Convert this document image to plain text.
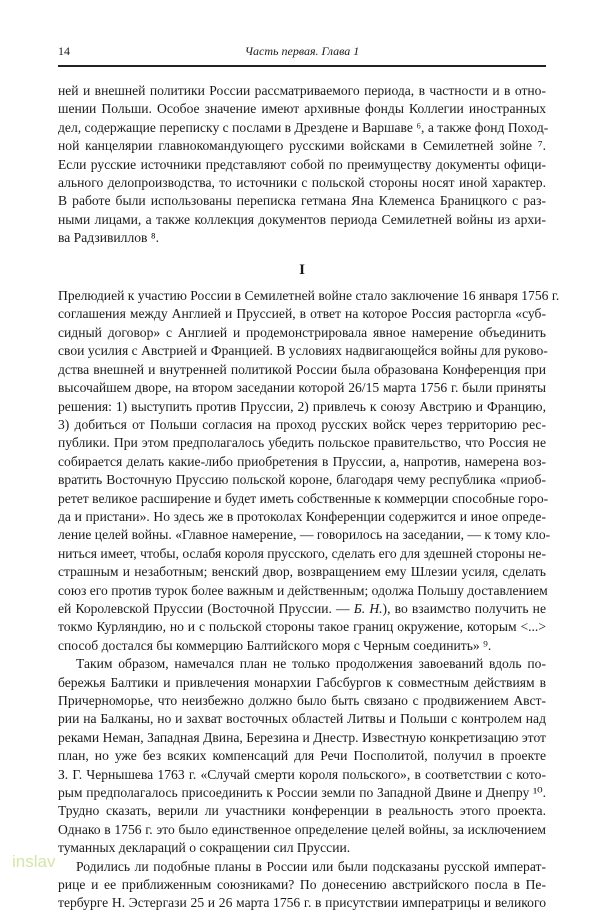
14	Часть первая. Глава 1
ней и внешней политики России рассматриваемого периода, в частности и в отно-
шении Польши. Особое значение имеют архивные фонды Коллегии иностранных
дел, содержащие переписку с послами в Дрездене и Варшаве ⁶, а также фонд Поход-
ной канцелярии главнокомандующего русскими войсками в Семилетней зойне ⁷.
Если русские источники представляют собой по преимуществу документы офици-
ального делопроизводства, то источники с польской стороны носят иной характер.
В работе были использованы переписка гетмана Яна Клеменса Браницкого с раз-
ными лицами, а также коллекция документов периода Семилетней войны из архи-
ва Радзивиллов ⁸.
I
Прелюдией к участию России в Семилетней войне стало заключение 16 января 1756 г.
соглашения между Англией и Пруссией, в ответ на которое Россия расторгла «суб-
сидный договор» с Англией и продемонстрировала явное намерение объединить
свои усилия с Австрией и Францией. В условиях надвигающейся войны для руково-
дства внешней и внутренней политикой России была образована Конференция при
высочайшем дворе, на втором заседании которой 26/15 марта 1756 г. были приняты
решения: 1) выступить против Пруссии, 2) привлечь к союзу Австрию и Францию,
3) добиться от Польши согласия на проход русских войск через территорию рес-
публики. При этом предполагалось убедить польское правительство, что Россия не
собирается делать какие-либо приобретения в Пруссии, а, напротив, намерена воз-
вратить Восточную Пруссию польской короне, благодаря чему республика «приоб-
ретет великое расширение и будет иметь собственные к коммерции способные горо-
да и пристани». Но здесь же в протоколах Конференции содержится и иное опреде-
ление целей войны. «Главное намерение, — говорилось на заседании, — к тому кло-
ниться имеет, чтобы, ослабя короля прусского, сделать его для здешней стороны не-
страшным и незаботным; венский двор, возвращением ему Шлезии усиля, сделать
союз его против турок более важным и действенным; одолжа Польшу доставлением
ей Королевской Пруссии (Восточной Пруссии. — Б. Н.), во взаимство получить не
токмо Курляндию, но и с польской стороны такое границ окружение, которым <...>
способ достался бы коммерцию Балтийского моря с Черным соединить» ⁹.
Таким образом, намечался план не только продолжения завоеваний вдоль по-
бережья Балтики и привлечения монархии Габсбургов к совместным действиям в
Причерноморье, что неизбежно должно было быть связано с продвижением Авст-
рии на Балканы, но и захват восточных областей Литвы и Польши с контролем над
реками Неман, Западная Двина, Березина и Днестр. Известную конкретизацию этот
план, но уже без всяких компенсаций для Речи Посполитой, получил в проекте
З. Г. Чернышева 1763 г. «Случай смерти короля польского», в соответствии с кото-
рым предполагалось присоединить к России земли по Западной Двине и Днепру ¹⁰.
Трудно сказать, верили ли участники конференции в реальность этого проекта.
Однако в 1756 г. это было единственное определение целей войны, за исключением
туманных деклараций о сокращении сил Пруссии.
Родились ли подобные планы в России или были подсказаны русской императ-
рице и ее приближенным союзниками? По донесению австрийского посла в Пе-
тербурге Н. Эстергази 25 и 26 марта 1756 г. в присутствии императрицы и великого
inslav
